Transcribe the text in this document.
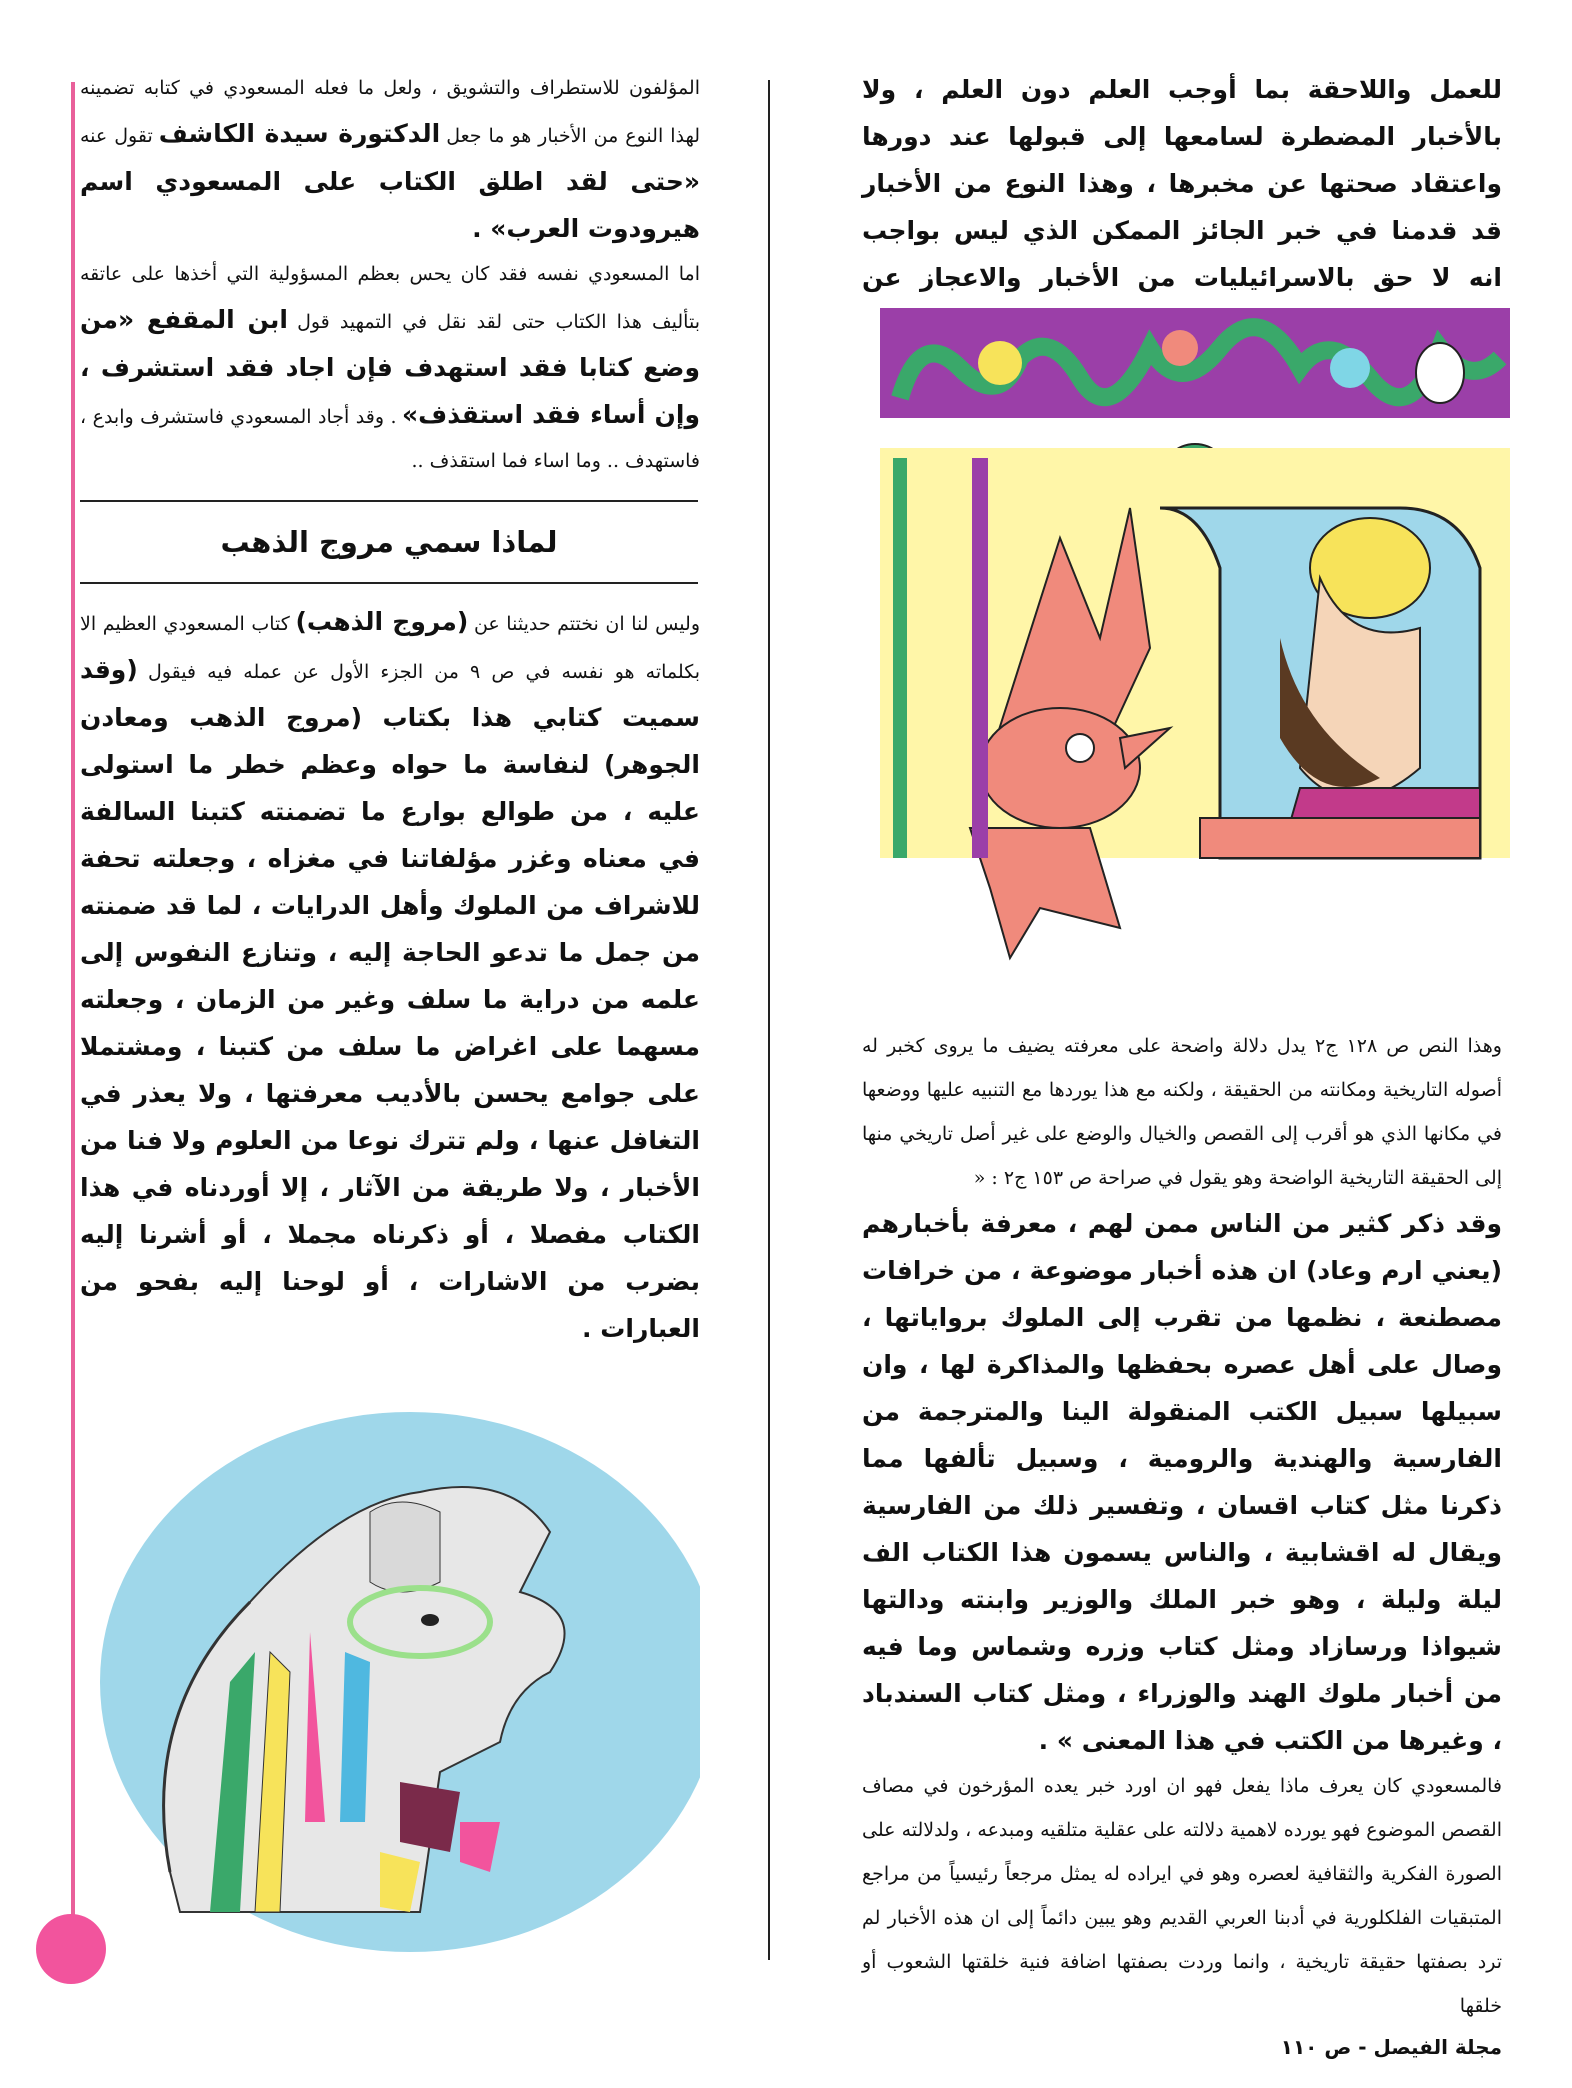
للعمل واللاحقة بما أوجب العلم دون العلم ، ولا بالأخبار المضطرة لسامعها إلى قبولها عند دورها واعتقاد صحتها عن مخبرها ، وهذا النوع من الأخبار قد قدمنا في خبر الجائز الممكن الذي ليس بواجب انه لا حق بالاسرائيليات من الأخبار والاعجاز عن

وهذا النص ص ١٢٨ ج٢ يدل دلالة واضحة على معرفته يضيف ما يروى كخبر له أصوله التاريخية ومكانته من الحقيقة ، ولكنه مع هذا يوردها مع التنبيه عليها ووضعها في مكانها الذي هو أقرب إلى القصص والخيال والوضع على غير أصل تاريخي منها إلى الحقيقة التاريخية الواضحة وهو يقول في صراحة ص ١٥٣ ج٢ : «

وقد ذكر كثير من الناس ممن لهم ، معرفة بأخبارهم (يعني ارم وعاد) ان هذه أخبار موضوعة ، من خرافات مصطنعة ، نظمها من تقرب إلى الملوك برواياتها ، وصال على أهل عصره بحفظها والمذاكرة لها ، وان سبيلها سبيل الكتب المنقولة الينا والمترجمة من الفارسية والهندية والرومية ، وسبيل تألفها مما ذكرنا مثل كتاب اقسان ، وتفسير ذلك من الفارسية ويقال له اقشابية ، والناس يسمون هذا الكتاب الف ليلة وليلة ، وهو خبر الملك والوزير وابنته ودالتها شيواذا ورسازاد ومثل كتاب وزره وشماس وما فيه من أخبار ملوك الهند والوزراء ، ومثل كتاب السندباد ، وغيرها من الكتب في هذا المعنى » .

فالمسعودي كان يعرف ماذا يفعل فهو ان اورد خبر يعده المؤرخون في مصاف القصص الموضوع فهو يورده لاهمية دلالته على عقلية متلقيه ومبدعه ، ولدلالته على الصورة الفكرية والثقافية لعصره وهو في ايراده له يمثل مرجعاً رئيسياً من مراجع المتبقيات الفلكلورية في أدبنا العربي القديم وهو يبين دائماً إلى ان هذه الأخبار لم ترد بصفتها حقيقة تاريخية ، وانما وردت بصفتها اضافة فنية خلقتها الشعوب أو خلقها

المؤلفون للاستطراف والتشويق ، ولعل ما فعله المسعودي في كتابه تضمينه لهذا النوع من الأخبار هو ما جعل الدكتورة سيدة الكاشف تقول عنه «حتى لقد اطلق الكتاب على المسعودي اسم هيرودوت العرب» .

اما المسعودي نفسه فقد كان يحس بعظم المسؤولية التي أخذها على عاتقه بتأليف هذا الكتاب حتى لقد نقل في التمهيد قول ابن المقفع «من وضع كتابا فقد استهدف فإن اجاد فقد استشرف ، وإن أساء فقد استقذف» . وقد أجاد المسعودي فاستشرف وابدع ، فاستهدف .. وما اساء فما استقذف ..

لماذا سمي مروج الذهب

وليس لنا ان نختتم حديثنا عن (مروج الذهب) كتاب المسعودي العظيم الا بكلماته هو نفسه في ص ٩ من الجزء الأول عن عمله فيه فيقول (وقد سميت كتابي هذا بكتاب (مروج الذهب ومعادن الجوهر) لنفاسة ما حواه وعظم خطر ما استولى عليه ، من طوالع بوارع ما تضمنته كتبنا السالفة في معناه وغزر مؤلفاتنا في مغزاه ، وجعلته تحفة للاشراف من الملوك وأهل الدرايات ، لما قد ضمنته من جمل ما تدعو الحاجة إليه ، وتنازع النفوس إلى علمه من دراية ما سلف وغير من الزمان ، وجعلته مسهما على اغراض ما سلف من كتبنا ، ومشتملا على جوامع يحسن بالأديب معرفتها ، ولا يعذر في التغافل عنها ، ولم تترك نوعا من العلوم ولا فنا من الأخبار ، ولا طريقة من الآثار ، إلا أوردناه في هذا الكتاب مفصلا ، أو ذكرناه مجملا ، أو أشرنا إليه بضرب من الاشارات ، أو لوحنا إليه بفحو من العبارات .

مجلة الفيصل - ص ١١٠
